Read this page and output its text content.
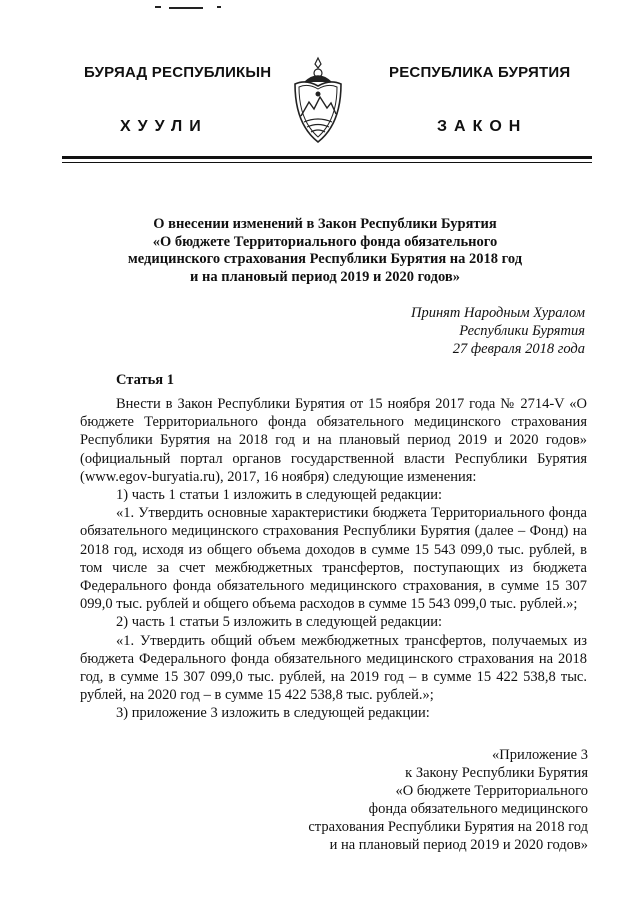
БУРЯАД РЕСПУБЛИКЫН	РЕСПУБЛИКА БУРЯТИЯ
ХУУЛИ	ЗАКОН
О внесении изменений в Закон Республики Бурятия
«О бюджете Территориального фонда обязательного
медицинского страхования Республики Бурятия на 2018 год
и на плановый период 2019 и 2020 годов»
Принят Народным Хуралом
Республики Бурятия
27 февраля 2018 года
Статья 1

Внести в Закон Республики Бурятия от 15 ноября 2017 года № 2714-V «О бюджете Территориального фонда обязательного медицинского страхования Республики Бурятия на 2018 год и на плановый период 2019 и 2020 годов» (официальный портал органов государственной власти Республики Бурятия (www.egov-buryatia.ru), 2017, 16 ноября) следующие изменения:

1) часть 1 статьи 1 изложить в следующей редакции:

«1. Утвердить основные характеристики бюджета Территориального фонда обязательного медицинского страхования Республики Бурятия (далее – Фонд) на 2018 год, исходя из общего объема доходов в сумме 15 543 099,0 тыс. рублей, в том числе за счет межбюджетных трансфертов, поступающих из бюджета Федерального фонда обязательного медицинского страхования, в сумме 15 307 099,0 тыс. рублей и общего объема расходов в сумме 15 543 099,0 тыс. рублей.»;

2) часть 1 статьи 5 изложить в следующей редакции:

«1. Утвердить общий объем межбюджетных трансфертов, получаемых из бюджета Федерального фонда обязательного медицинского страхования на 2018 год, в сумме 15 307 099,0 тыс. рублей, на 2019 год – в сумме 15 422 538,8 тыс. рублей, на 2020 год – в сумме 15 422 538,8 тыс. рублей.»;

3) приложение 3 изложить в следующей редакции:

«Приложение 3
к Закону Республики Бурятия
«О бюджете Территориального
фонда обязательного медицинского
страхования Республики Бурятия на 2018 год
и на плановый период 2019 и 2020 годов»
